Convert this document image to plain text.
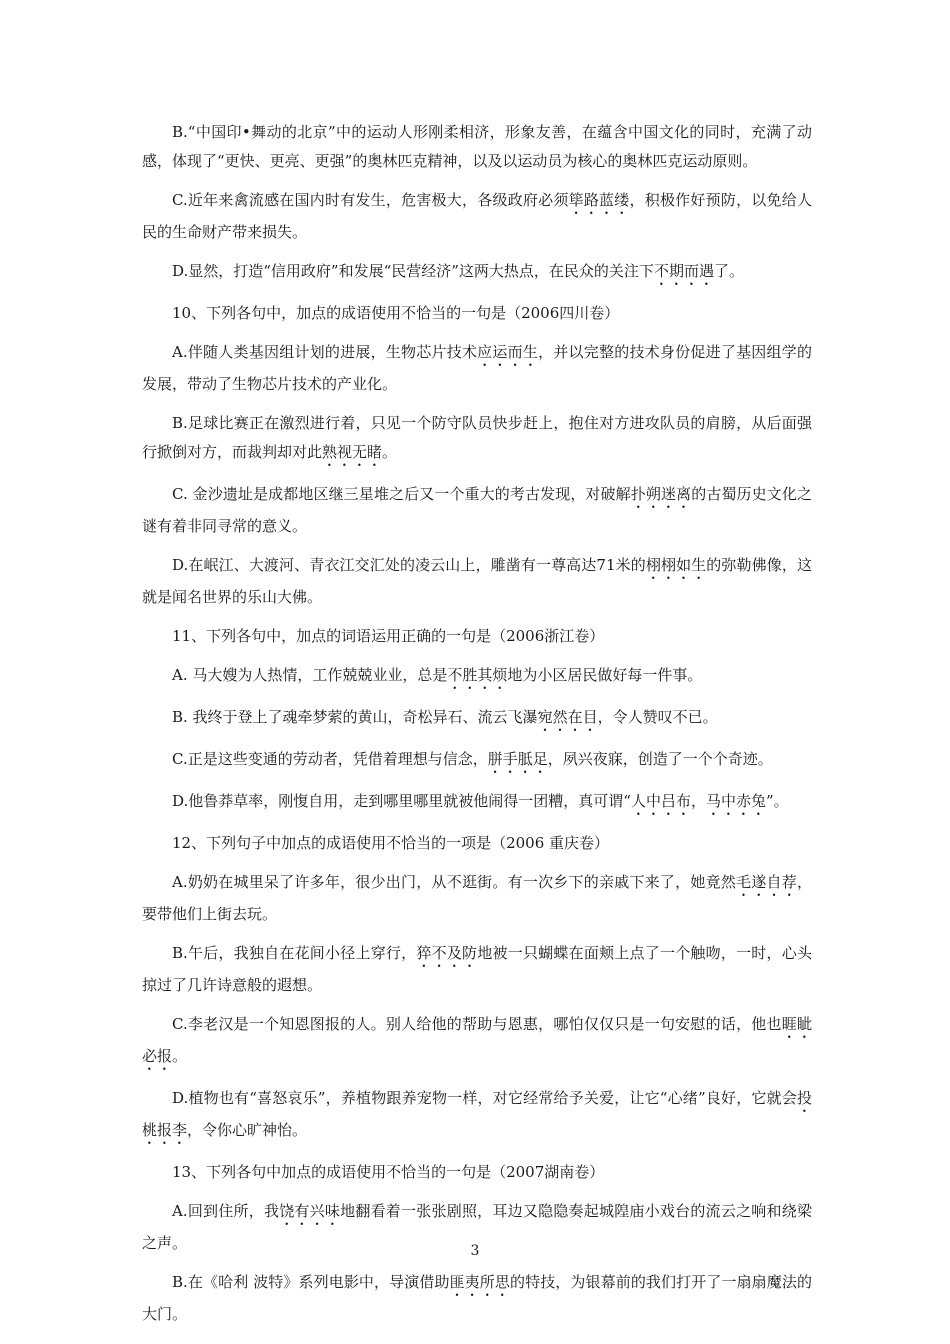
B.“中国印•舞动的北京”中的运动人形刚柔相济，形象友善，在蕴含中国文化的同时，充满了动感，体现了“更快、更亮、更强”的奥林匹克精神，以及以运动员为核心的奥林匹克运动原则。
C.近年来禽流感在国内时有发生，危害极大，各级政府必须筚路蓝缕，积极作好预防，以免给人民的生命财产带来损失。
D.显然，打造“信用政府”和发展“民营经济”这两大热点，在民众的关注下不期而遇了。
10、下列各句中，加点的成语使用不恰当的一句是（2006四川卷）
A.伴随人类基因组计划的进展，生物芯片技术应运而生，并以完整的技术身份促进了基因组学的发展，带动了生物芯片技术的产业化。
B.足球比赛正在激烈进行着，只见一个防守队员快步赶上，抱住对方进攻队员的肩膀，从后面强行掀倒对方，而裁判却对此熟视无睹。
C. 金沙遗址是成都地区继三星堆之后又一个重大的考古发现，对破解扑朔迷离的古蜀历史文化之谜有着非同寻常的意义。
D.在岷江、大渡河、青衣江交汇处的凌云山上，雕凿有一尊高达71米的栩栩如生的弥勒佛像，这就是闻名世界的乐山大佛。
11、下列各句中，加点的词语运用正确的一句是（2006浙江卷）
A. 马大嫂为人热情，工作兢兢业业，总是不胜其烦地为小区居民做好每一件事。
B. 我终于登上了魂牵梦萦的黄山，奇松异石、流云飞瀑宛然在目，令人赞叹不已。
C.正是这些变通的劳动者，凭借着理想与信念，胼手胝足，夙兴夜寐，创造了一个个奇迹。
D.他鲁莽草率，刚愎自用，走到哪里哪里就被他闹得一团糟，真可谓“人中吕布，马中赤兔”。
12、下列句子中加点的成语使用不恰当的一项是（2006 重庆卷）
A.奶奶在城里呆了许多年，很少出门，从不逛街。有一次乡下的亲戚下来了，她竟然毛遂自荐，要带他们上街去玩。
B.午后，我独自在花间小径上穿行，猝不及防地被一只蝴蝶在面颊上点了一个触吻，一时，心头掠过了几许诗意般的遐想。
C.李老汉是一个知恩图报的人。别人给他的帮助与恩惠，哪怕仅仅只是一句安慰的话，他也睚眦必报。
D.植物也有“喜怒哀乐”，养植物跟养宠物一样，对它经常给予关爱，让它“心绪”良好，它就会投桃报李，令你心旷神怡。
13、下列各句中加点的成语使用不恰当的一句是（2007湖南卷）
A.回到住所，我饶有兴味地翻看着一张张剧照，耳边又隐隐奏起城隍庙小戏台的流云之响和绕梁之声。
B.在《哈利 波特》系列电影中，导演借助匪夷所思的特技，为银幕前的我们打开了一扇扇魔法的大门。
3
